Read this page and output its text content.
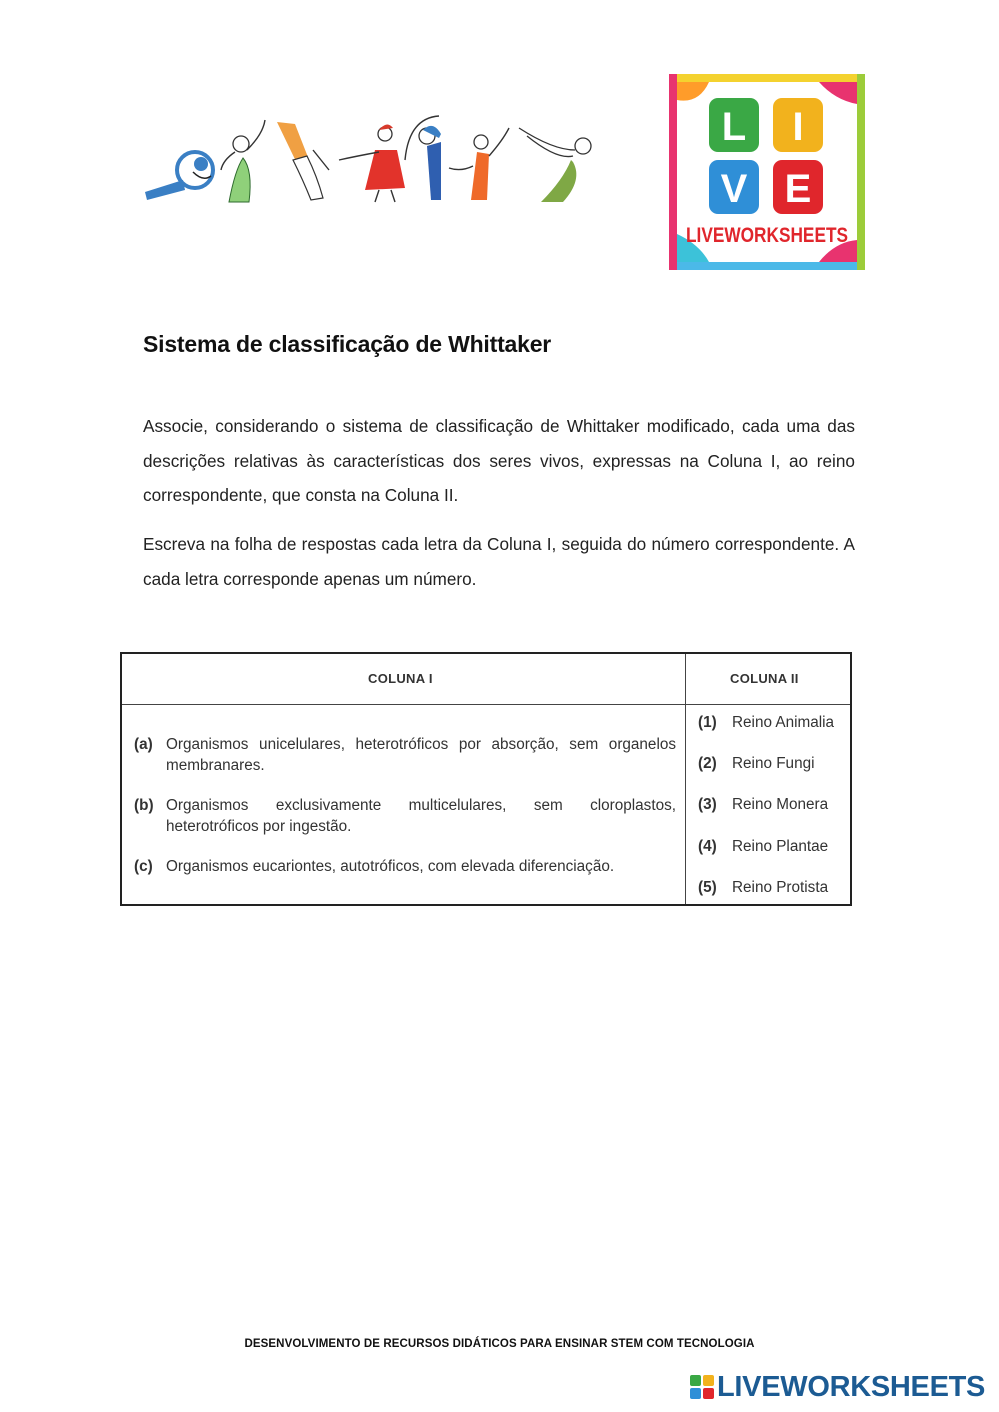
L I
V E
LIVEWORKSHEETS
Sistema de classificação de Whittaker

Associe, considerando o sistema de classificação de Whittaker modificado, cada uma das descrições relativas às características dos seres vivos, expressas na Coluna I, ao reino correspondente, que consta na Coluna II.

Escreva na folha de respostas cada letra da Coluna I, seguida do número correspondente. A cada letra corresponde apenas um número.

COLUNA I	COLUNA II
(a) Organismos unicelulares, heterotróficos por absorção, sem organelos membranares.
(b) Organismos exclusivamente multicelulares, sem cloroplastos, heterotróficos por ingestão.
(c) Organismos eucariontes, autotróficos, com elevada diferenciação.
(1) Reino Animalia
(2) Reino Fungi
(3) Reino Monera
(4) Reino Plantae
(5) Reino Protista
DESENVOLVIMENTO DE RECURSOS DIDÁTICOS PARA ENSINAR STEM COM TECNOLOGIA
LIVEWORKSHEETS
